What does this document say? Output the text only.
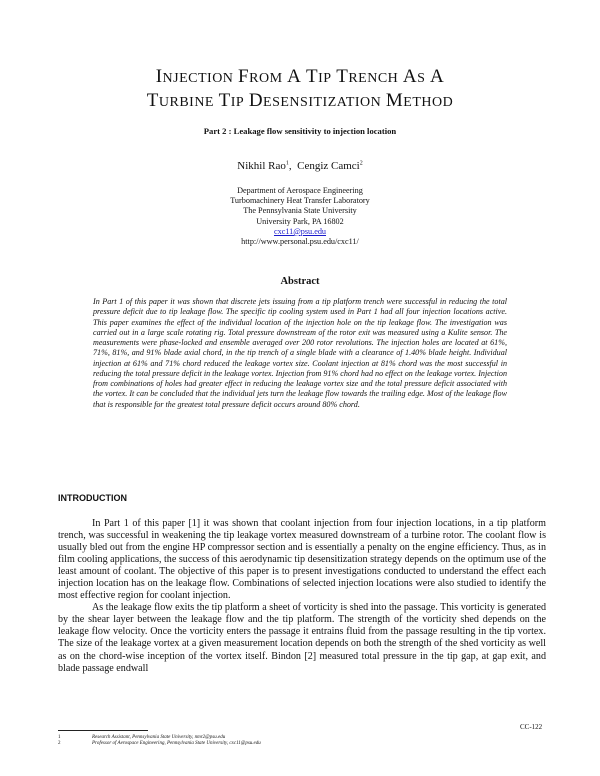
INJECTION FROM A TIP TRENCH AS A
TURBINE TIP DESENSITIZATION METHOD
Part 2 : Leakage flow sensitivity to injection location
Nikhil Rao$^1$,  Cengiz Camci$^2$
Department of Aerospace Engineering
Turbomachinery Heat Transfer Laboratory
The Pennsylvania State University
University Park, PA 16802
cxc11@psu.edu
http://www.personal.psu.edu/cxc11/
Abstract
In Part 1 of this paper it was shown that discrete jets issuing from a tip platform trench were successful in reducing the total pressure deficit due to tip leakage flow. The specific tip cooling system used in Part 1 had all four injection locations active. This paper examines the effect of the individual location of the injection hole on the tip leakage flow. The investigation was carried out in a large scale rotating rig. Total pressure downstream of the rotor exit was measured using a Kulite sensor. The measurements were phase-locked and ensemble averaged over 200 rotor revolutions. The injection holes are located at 61%, 71%, 81%, and 91% blade axial chord, in the tip trench of a single blade with a clearance of 1.40% blade height. Individual injection at 61% and 71% chord reduced the leakage vortex size. Coolant injection at 81% chord was the most successful in reducing the total pressure deficit in the leakage vortex. Injection from 91% chord had no effect on the leakage vortex. Injection from combinations of holes had greater effect in reducing the leakage vortex size and the total pressure deficit associated with the vortex. It can be concluded that the individual jets turn the leakage flow towards the trailing edge. Most of the leakage flow that is responsible for the greatest total pressure deficit occurs around 80% chord.
INTRODUCTION

In Part 1 of this paper [1] it was shown that coolant injection from four injection locations, in a tip platform trench, was successful in weakening the tip leakage vortex measured downstream of a turbine rotor. The coolant flow is usually bled out from the engine HP compressor section and is essentially a penalty on the engine efficiency. Thus, as in film cooling applications, the success of this aerodynamic tip desensitization strategy depends on the optimum use of the least amount of coolant. The objective of this paper is to present investigations conducted to understand the effect each injection location has on the leakage flow. Combinations of selected injection locations were also studied to identify the most effective region for coolant injection.

As the leakage flow exits the tip platform a sheet of vorticity is shed into the passage. This vorticity is generated by the shear layer between the leakage flow and the tip platform. The strength of the vorticity shed depends on the leakage flow velocity. Once the vorticity enters the passage it entrains fluid from the passage resulting in the tip vortex. The size of the leakage vortex at a given measurement location depends on both the strength of the shed vorticity as well as on the chord-wise inception of the vortex itself. Bindon [2] measured total pressure in the tip gap, at gap exit, and blade passage endwall

CC-122
1	Research Assistant, Pennsylvania State University, nmr2@psu.edu
2	Professor of Aerospace Engineering, Pennsylvania State University, cxc11@psu.edu
